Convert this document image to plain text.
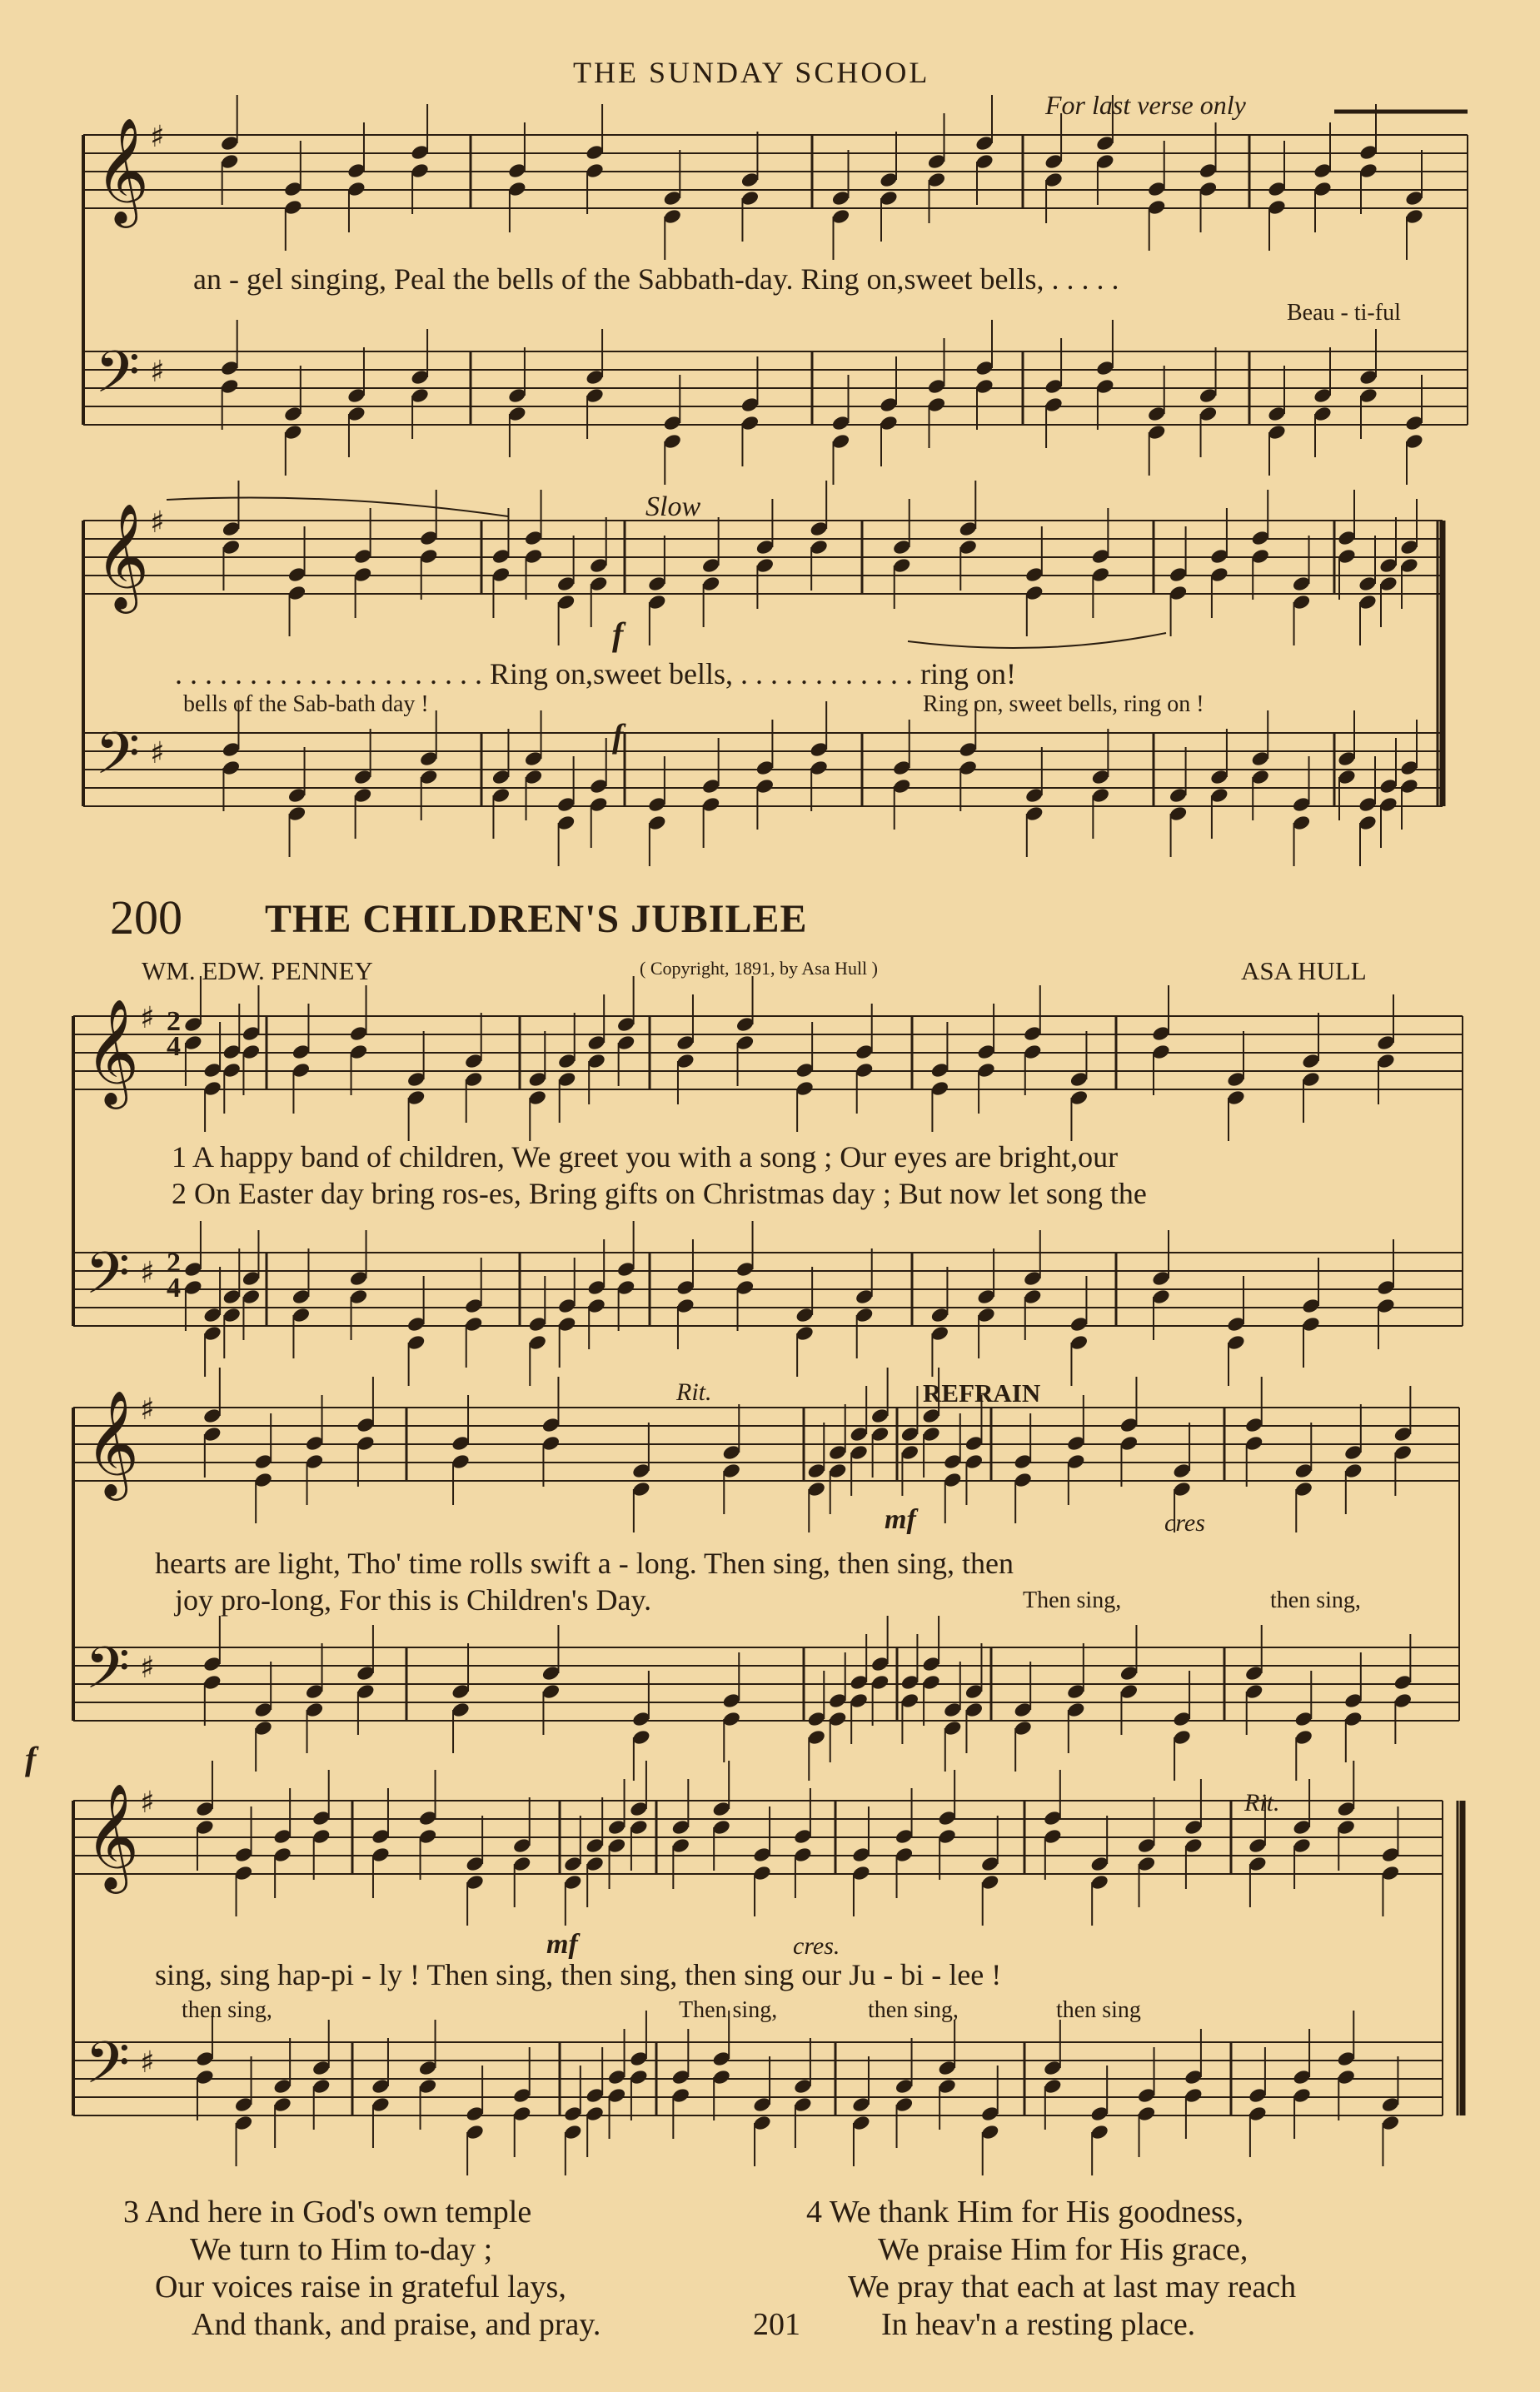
THE SUNDAY SCHOOL
For last verse only
𝄞 ♯
𝄢 ♯
𝄞 ♯
𝄢 ♯
𝄞 ♯
𝄢 ♯
𝄞 ♯
𝄢 ♯
𝄞 ♯
𝄢 ♯
an - gel singing, Peal the bells of the Sabbath-day. Ring on,sweet bells, . . . . .
Beau - ti-ful
Slow
. . . . . . . . . . . . . . . . . . . . . Ring on,sweet bells, . . . . . . . . . . . . ring on!
bells of the Sab-bath day !	Ring on, sweet bells, ring on !
f
f
200 THE CHILDREN'S JUBILEE
WM. EDW. PENNEY	( Copyright, 1891, by Asa Hull )	ASA HULL
1 A happy band of children, We greet you with a song ; Our eyes are bright,our
2 On Easter day bring ros-es, Bring gifts on Christmas day ; But now let song the
Rit.	REFRAIN
mf	cres
hearts are light, Tho' time rolls swift a - long. Then sing, then sing, then
joy pro-long, For this is Children's Day.	Then sing,	then sing,
Rit.
f
mf	cres.
sing, sing hap-pi - ly ! Then sing, then sing, then sing our Ju - bi - lee !
then sing,	Then sing,	then sing,	then sing
3 And here in God's own temple
We turn to Him to-day ;
Our voices raise in grateful lays,
And thank, and praise, and pray.	201
4 We thank Him for His goodness,
We praise Him for His grace,
We pray that each at last may reach
In heav'n a resting place.
2
4
2
4
